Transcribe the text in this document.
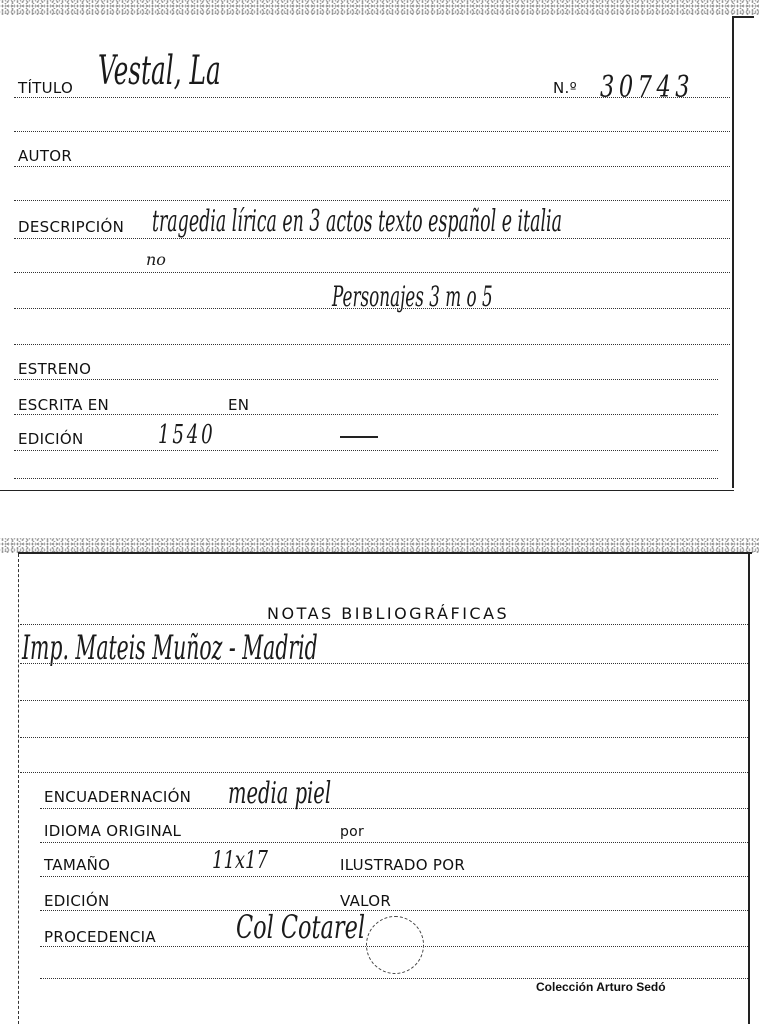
TÍTULO Vestal, La	N.º 30743
AUTOR
DESCRIPCIÓN tragedia lírica en 3 actos texto español e italia
no
Personajes 3 m o 5
ESTRENO
ESCRITA EN	EN
EDICIÓN	1540
NOTAS BIBLIOGRÁFICAS
Imp. Mateis Muñoz - Madrid
ENCUADERNACIÓN media piel
IDIOMA ORIGINAL	por
TAMAÑO	11x17	ILUSTRADO POR
EDICIÓN	VALOR
PROCEDENCIA	Col Cotarel
Colección Arturo Sedó
